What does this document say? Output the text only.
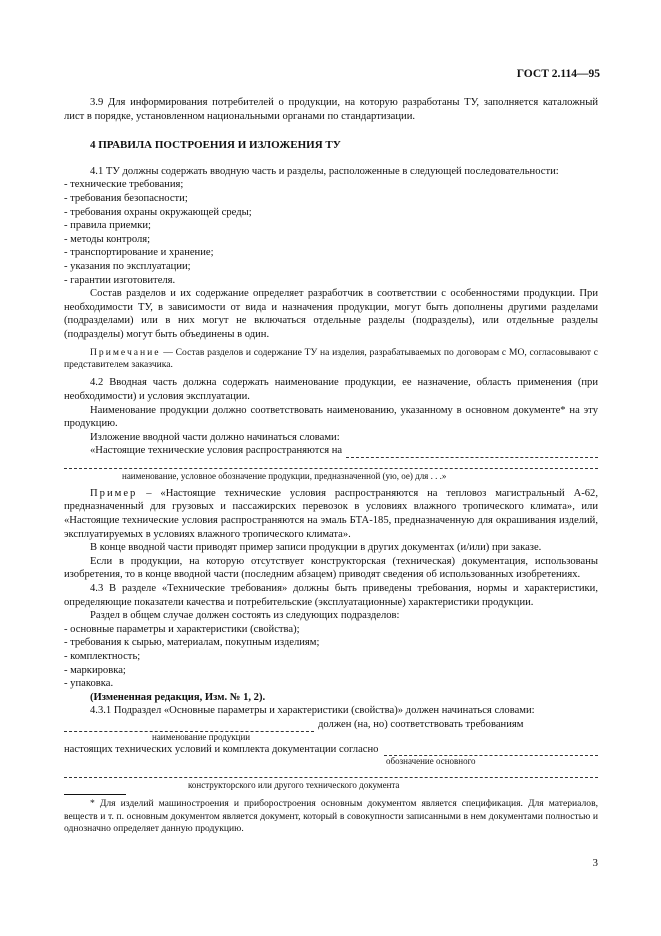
ГОСТ 2.114—95

3.9 Для информирования потребителей о продукции, на которую разработаны ТУ, заполняется каталожный лист в порядке, установленном национальными органами по стандартизации.

4 ПРАВИЛА ПОСТРОЕНИЯ И ИЗЛОЖЕНИЯ ТУ

4.1 ТУ должны содержать вводную часть и разделы, расположенные в следующей последовательности:

- технические требования;
- требования безопасности;
- требования охраны окружающей среды;
- правила приемки;
- методы контроля;
- транспортирование и хранение;
- указания по эксплуатации;
- гарантии изготовителя.

Состав разделов и их содержание определяет разработчик в соответствии с особенностями продукции. При необходимости ТУ, в зависимости от вида и назначения продукции, могут быть дополнены другими разделами (подразделами) или в них могут не включаться отдельные разделы (подразделы), или отдельные разделы (подразделы) могут быть объединены в один.

Примечание — Состав разделов и содержание ТУ на изделия, разрабатываемых по договорам с МО, согласовывают с представителем заказчика.

4.2 Вводная часть должна содержать наименование продукции, ее назначение, область применения (при необходимости) и условия эксплуатации.

Наименование продукции должно соответствовать наименованию, указанному в основном документе* на эту продукцию.

Изложение вводной части должно начинаться словами:

«Настоящие технические условия распространяются на
наименование, условное обозначение продукции, предназначенной (ую, ое) для . . .»

Пример – «Настоящие технические условия распространяются на тепловоз магистральный А-62, предназначенный для грузовых и пассажирских перевозок в условиях влажного тропического климата», или «Настоящие технические условия распространяются на эмаль БТА-185, предназначенную для окрашивания изделий, эксплуатируемых в условиях влажного тропического климата».

В конце вводной части приводят пример записи продукции в других документах (и/или) при заказе.

Если в продукции, на которую отсутствует конструкторская (техническая) документация, использованы изобретения, то в конце вводной части (последним абзацем) приводят сведения об использованных изобретениях.

4.3 В разделе «Технические требования» должны быть приведены требования, нормы и характеристики, определяющие показатели качества и потребительские (эксплуатационные) характеристики продукции.

Раздел в общем случае должен состоять из следующих подразделов:

- основные параметры и характеристики (свойства);
- требования к сырью, материалам, покупным изделиям;
- комплектность;
- маркировка;
- упаковка.
(Измененная редакция, Изм. № 1, 2).

4.3.1 Подраздел «Основные параметры и характеристики (свойства)» должен начинаться словами:

должен (на, но) соответствовать требованиям
наименование продукции
настоящих технических условий и комплекта документации согласно
обозначение основного
конструкторского или другого технического документа

* Для изделий машиностроения и приборостроения основным документом является спецификация. Для материалов, веществ и т. п. основным документом является документ, который в совокупности записанными в нем документами полностью и однозначно определяет данную продукцию.

3
